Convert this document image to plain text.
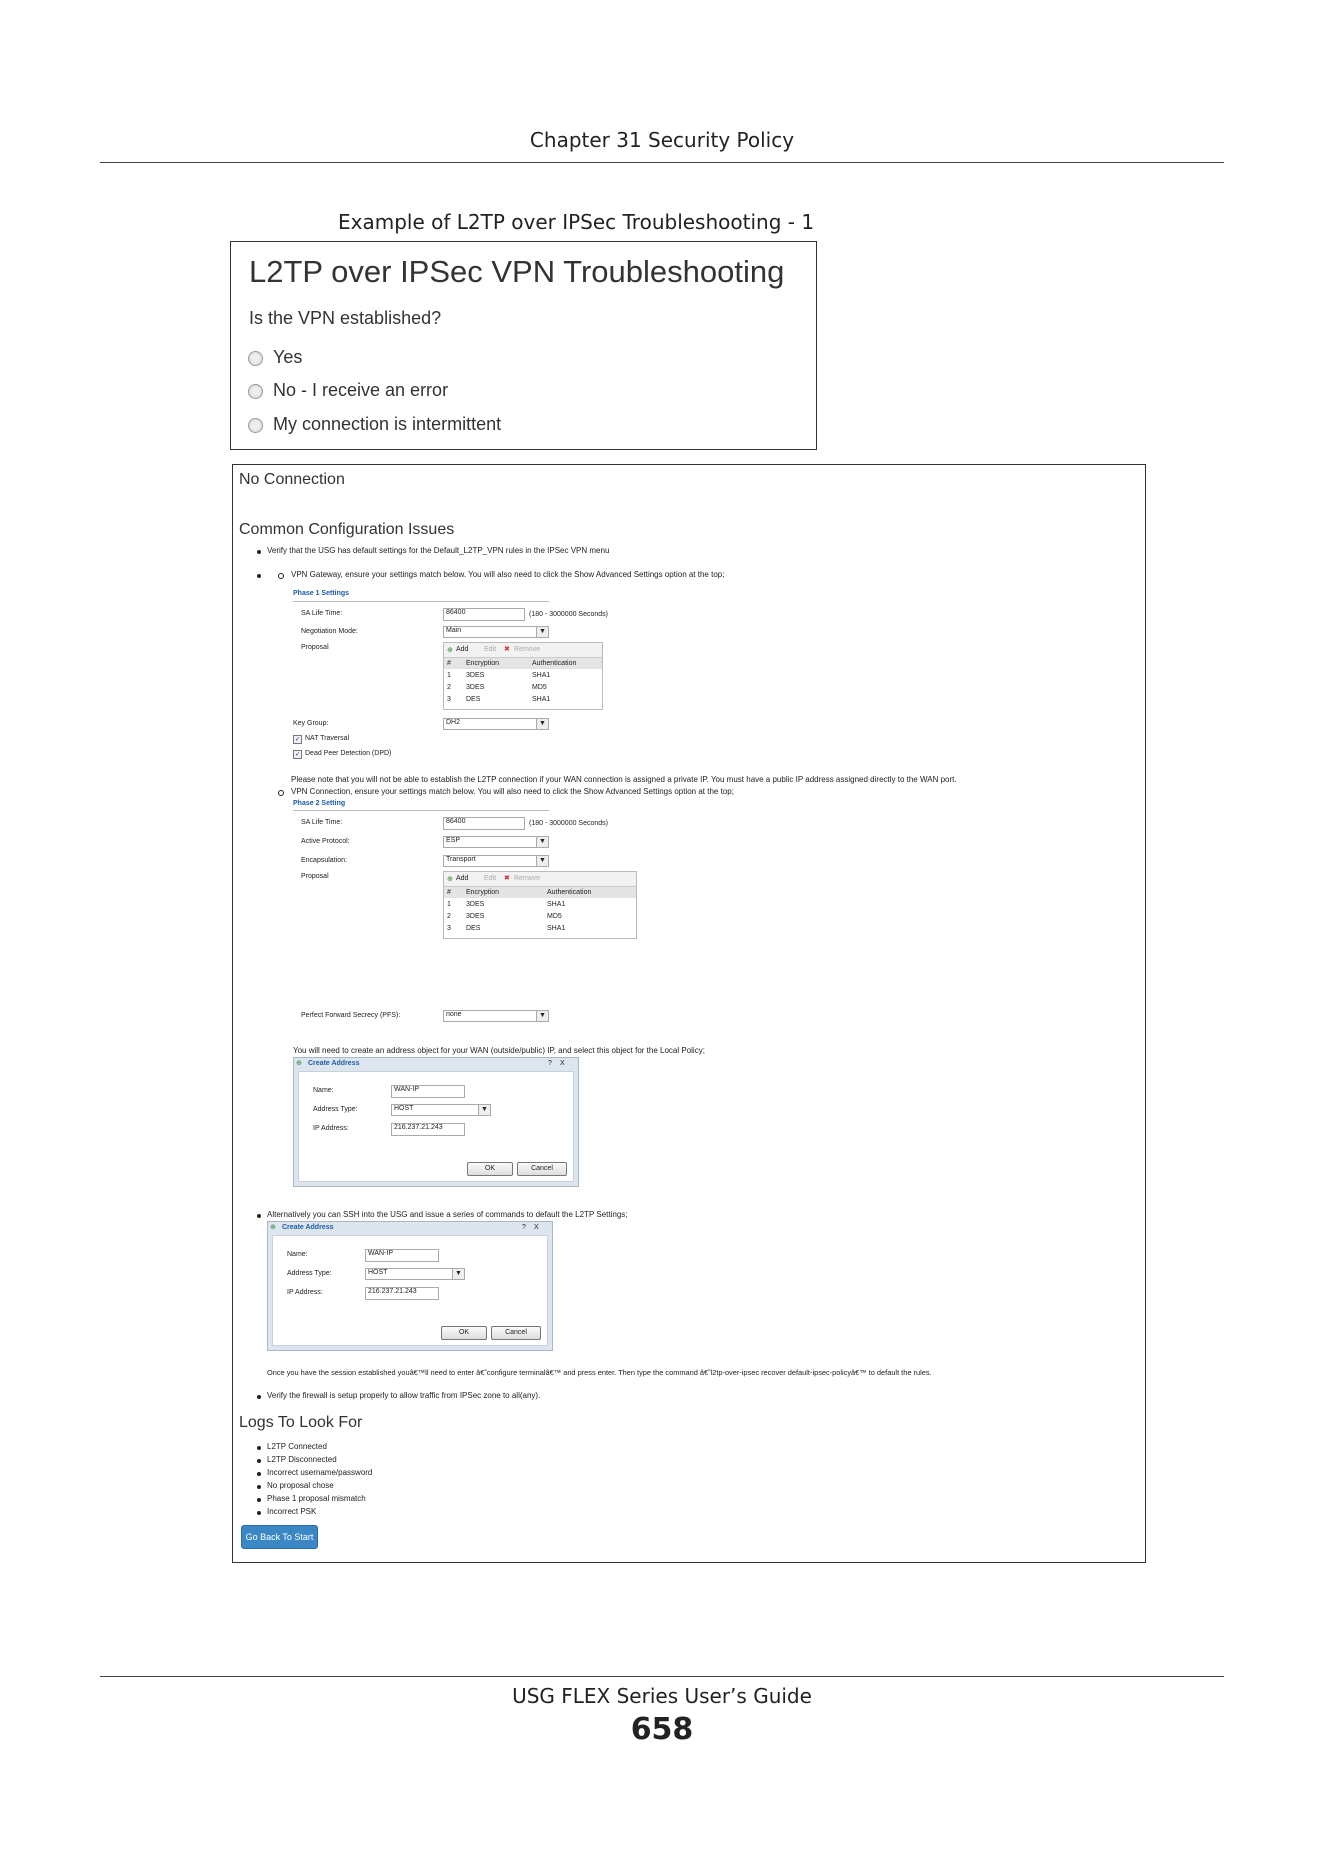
Chapter 31 Security Policy
Example of L2TP over IPSec Troubleshooting - 1
L2TP over IPSec VPN Troubleshooting
Is the VPN established?
Yes
No - I receive an error
My connection is intermittent
No Connection
Common Configuration Issues
Verify that the USG has default settings for the Default_L2TP_VPN rules in the IPSec VPN menu
VPN Gateway, ensure your settings match below. You will also need to click the Show Advanced Settings option at the top;
Phase 1 Settings
SA Life Time:	86400	(180 - 3000000 Seconds)
Negotiation Mode:	Main	▼
Proposal	⊕ Add Edit ✖ Remove
# Encryption	Authentication
1 3DES	SHA1
2 3DES	MD5
3 DES	SHA1
Key Group:	DH2	▼
✓ NAT Traversal
✓ Dead Peer Detection (DPD)
Please note that you will not be able to establish the L2TP connection if your WAN connection is assigned a private IP. You must have a public IP address assigned directly to the WAN port.
VPN Connection, ensure your settings match below. You will also need to click the Show Advanced Settings option at the top;
Phase 2 Setting
SA Life Time:	86400	(180 - 3000000 Seconds)
Active Protocol:	ESP	▼
Encapsulation:	Transport	▼
Proposal	⊕ Add Edit ✖ Remove
# Encryption	Authentication
1 3DES	SHA1
2 3DES	MD5
3 DES	SHA1
Perfect Forward Secrecy (PFS):	none	▼
You will need to create an address object for your WAN (outside/public) IP, and select this object for the Local Policy;
⊕ Create Address	? X
Name:	WAN-IP
Address Type:	HOST	▼
IP Address:	216.237.21.243
OK	Cancel
Alternatively you can SSH into the USG and issue a series of commands to default the L2TP Settings;
⊕ Create Address	? X
Name:	WAN-IP
Address Type:	HOST	▼
IP Address:	216.237.21.243
OK	Cancel
Once you have the session established youâ€™ll need to enter â€˜configure terminalâ€™ and press enter. Then type the command â€˜l2tp-over-ipsec recover default-ipsec-policyâ€™ to default the rules.
Verify the firewall is setup properly to allow traffic from IPSec zone to all(any).
Logs To Look For
L2TP Connected
L2TP Disconnected
Incorrect username/password
No proposal chose
Phase 1 proposal mismatch
Incorrect PSK
Go Back To Start
USG FLEX Series User’s Guide
658
